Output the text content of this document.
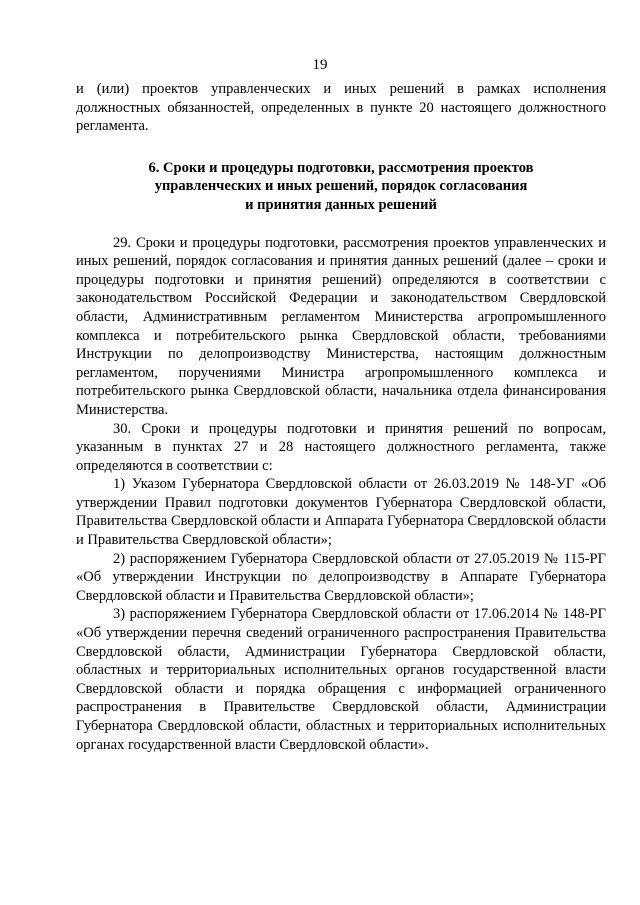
19

и (или) проектов управленческих и иных решений в рамках исполнения должностных обязанностей, определенных в пункте 20 настоящего должностного регламента.

6. Сроки и процедуры подготовки, рассмотрения проектов

управленческих и иных решений, порядок согласования

и принятия данных решений

29. Сроки и процедуры подготовки, рассмотрения проектов управленческих и иных решений, порядок согласования и принятия данных решений (далее – сроки и процедуры подготовки и принятия решений) определяются в соответствии с законодательством Российской Федерации и законодательством Свердловской области, Административным регламентом Министерства агропромышленного комплекса и потребительского рынка Свердловской области, требованиями Инструкции по делопроизводству Министерства, настоящим должностным регламентом, поручениями Министра агропромышленного комплекса и потребительского рынка Свердловской области, начальника отдела финансирования Министерства.

30. Сроки и процедуры подготовки и принятия решений по вопросам, указанным в пунктах 27 и 28 настоящего должностного регламента, также определяются в соответствии с:

1) Указом Губернатора Свердловской области от 26.03.2019 № 148-УГ «Об утверждении Правил подготовки документов Губернатора Свердловской области, Правительства Свердловской области и Аппарата Губернатора Свердловской области и Правительства Свердловской области»;

2) распоряжением Губернатора Свердловской области от 27.05.2019 № 115-РГ «Об утверждении Инструкции по делопроизводству в Аппарате Губернатора Свердловской области и Правительства Свердловской области»;

3) распоряжением Губернатора Свердловской области от 17.06.2014 № 148-РГ «Об утверждении перечня сведений ограниченного распространения Правительства Свердловской области, Администрации Губернатора Свердловской области, областных и территориальных исполнительных органов государственной власти Свердловской области и порядка обращения с информацией ограниченного распространения в Правительстве Свердловской области, Администрации Губернатора Свердловской области, областных и территориальных исполнительных органах государственной власти Свердловской области».
